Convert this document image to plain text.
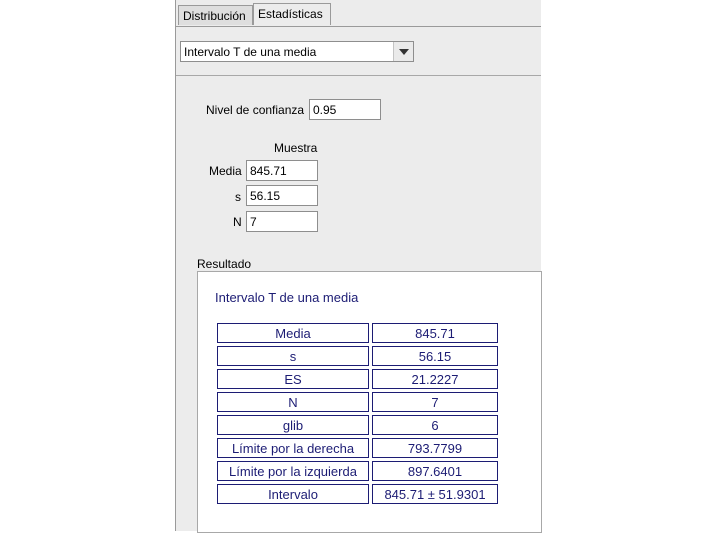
Distribución	Estadísticas
Intervalo T de una media
Nivel de confianza
0.95
Muestra
Media
845.71
s
56.15
N
7
Resultado
Intervalo T de una media
Media	845.71
s	56.15
ES	21.2227
N	7
glib	6
Límite por la derecha	793.7799
Límite por la izquierda	897.6401
Intervalo	845.71 ± 51.9301
